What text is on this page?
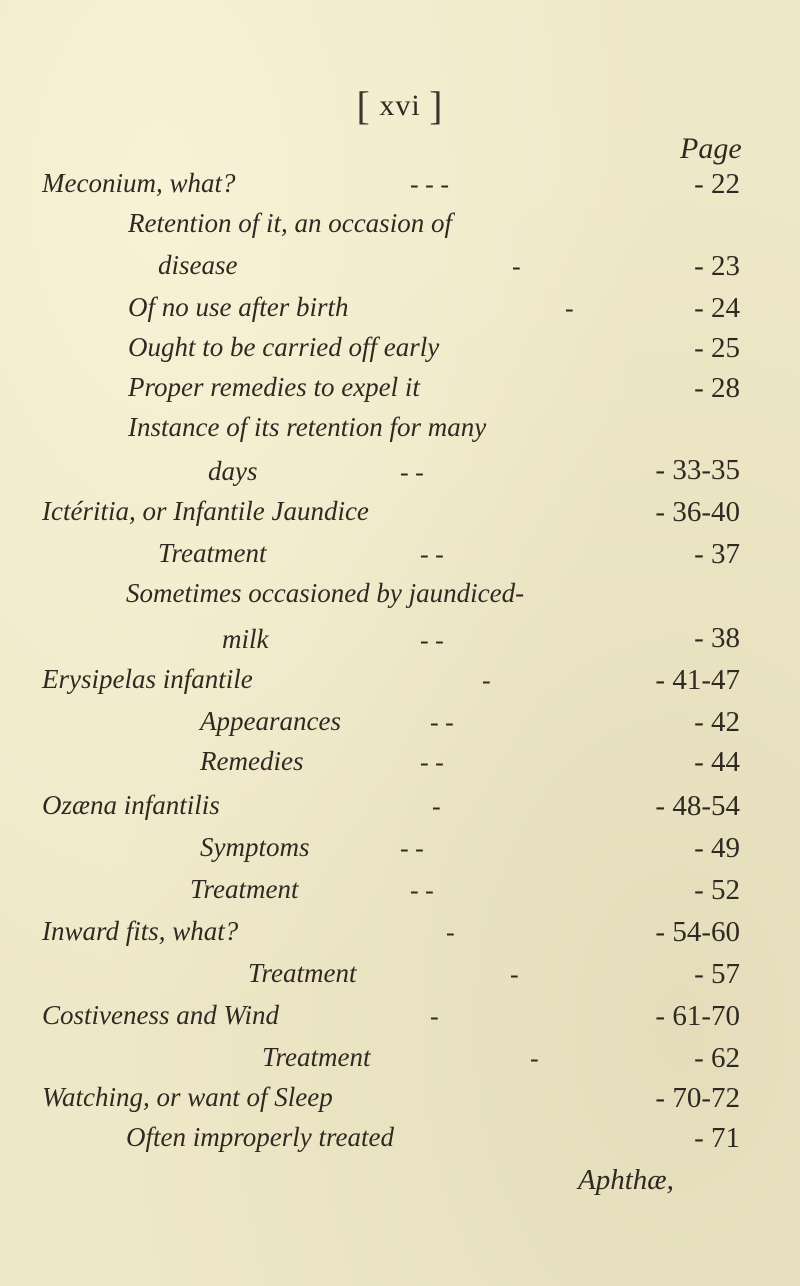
[ xvi ]
Page
Meconium, what?	- - -	- 22
Retention of it, an occasion of
disease	-	- 23
Of no use after birth	-	- 24
Ought to be carried off early	- 25
Proper remedies to expel it	- 28
Instance of its retention for many
days	- -	- 33-35
Ictéritia, or Infantile Jaundice	- 36-40
Treatment	- -	- 37
Sometimes occasioned by jaundiced-
milk	- -	- 38
Erysipelas infantile	-	- 41-47
Appearances	- -	- 42
Remedies	- -	- 44
Ozæna infantilis	-	- 48-54
Symptoms	- -	- 49
Treatment	- -	- 52
Inward fits, what?	-	- 54-60
Treatment	-	- 57
Costiveness and Wind	-	- 61-70
Treatment	-	- 62
Watching, or want of Sleep	- 70-72
Often improperly treated	- 71
Aphthæ,
